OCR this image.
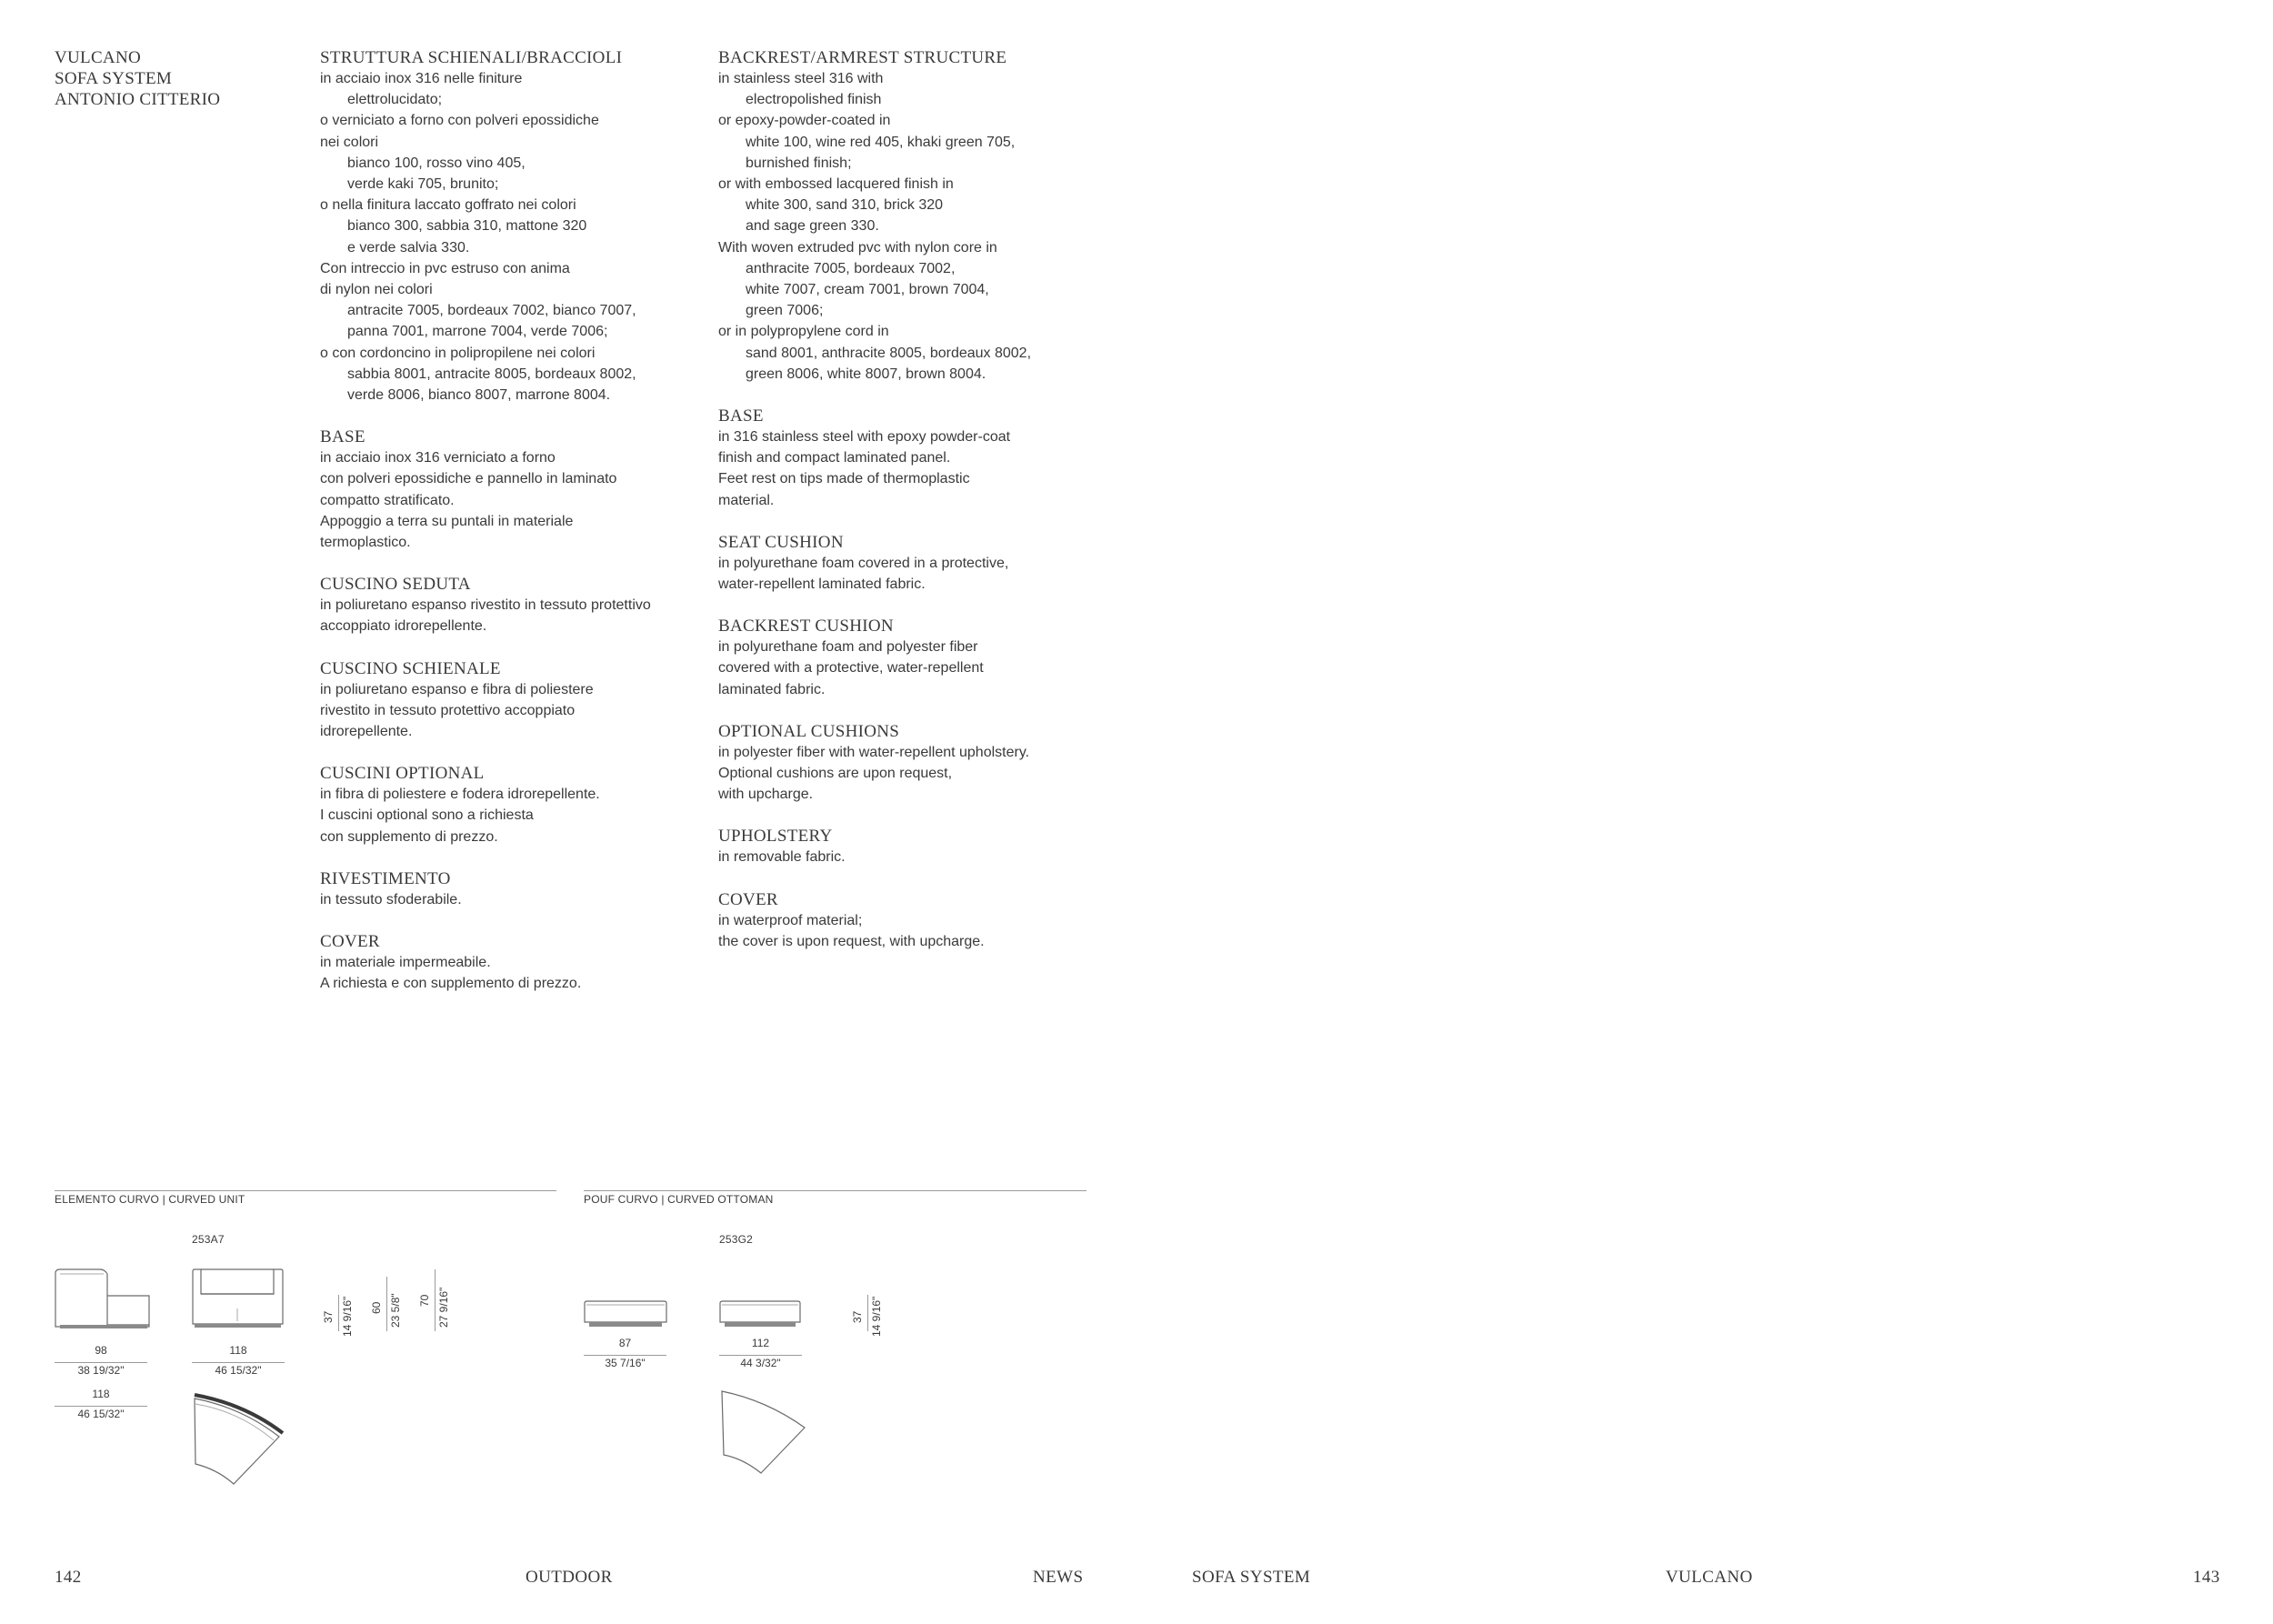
VULCANO
SOFA SYSTEM
ANTONIO CITTERIO
STRUTTURA SCHIENALI/BRACCIOLI
in acciaio inox 316 nelle finiture
elettrolucidato;
o verniciato a forno con polveri epossidiche
nei colori
bianco 100, rosso vino 405,
verde kaki 705, brunito;
o nella finitura laccato goffrato nei colori
bianco 300, sabbia 310, mattone 320
e verde salvia 330.
Con intreccio in pvc estruso con anima
di nylon nei colori
antracite 7005, bordeaux 7002, bianco 7007,
panna 7001, marrone 7004, verde 7006;
o con cordoncino in polipropilene nei colori
sabbia 8001, antracite 8005, bordeaux 8002,
verde 8006, bianco 8007, marrone 8004.
BASE
in acciaio inox 316 verniciato a forno
con polveri epossidiche e pannello in laminato
compatto stratificato.
Appoggio a terra su puntali in materiale
termoplastico.
CUSCINO SEDUTA
in poliuretano espanso rivestito in tessuto protettivo
accoppiato idrorepellente.
CUSCINO SCHIENALE
in poliuretano espanso e fibra di poliestere
rivestito in tessuto protettivo accoppiato
idrorepellente.
CUSCINI OPTIONAL
in fibra di poliestere e fodera idrorepellente.
I cuscini optional sono a richiesta
con supplemento di prezzo.
RIVESTIMENTO
in tessuto sfoderabile.
COVER
in materiale impermeabile.
A richiesta e con supplemento di prezzo.
BACKREST/ARMREST STRUCTURE
in stainless steel 316 with
electropolished finish
or epoxy-powder-coated in
white 100, wine red 405, khaki green 705,
burnished finish;
or with embossed lacquered finish in
white 300, sand 310, brick 320
and sage green 330.
With woven extruded pvc with nylon core in
anthracite 7005, bordeaux 7002,
white 7007, cream 7001, brown 7004,
green 7006;
or in polypropylene cord in
sand 8001, anthracite 8005, bordeaux 8002,
green 8006, white 8007, brown 8004.
BASE
in 316 stainless steel with epoxy powder-coat
finish and compact laminated panel.
Feet rest on tips made of thermoplastic
material.
SEAT CUSHION
in polyurethane foam covered in a protective,
water-repellent laminated fabric.
BACKREST CUSHION
in polyurethane foam and polyester fiber
covered with a protective, water-repellent
laminated fabric.
OPTIONAL CUSHIONS
in polyester fiber with water-repellent upholstery.
Optional cushions are upon request,
with upcharge.
UPHOLSTERY
in removable fabric.
COVER
in waterproof material;
the cover is upon request, with upcharge.
ELEMENTO CURVO | CURVED UNIT
253A7
98
38 19/32"
118
46 15/32"
118
46 15/32"
37 14 9/16" 60 23 5/8" 70 27 9/16"
POUF CURVO | CURVED OTTOMAN
253G2
87
35 7/16"
112
44 3/32"
37 14 9/16"
142	OUTDOOR	NEWS	SOFA SYSTEM	VULCANO	143
